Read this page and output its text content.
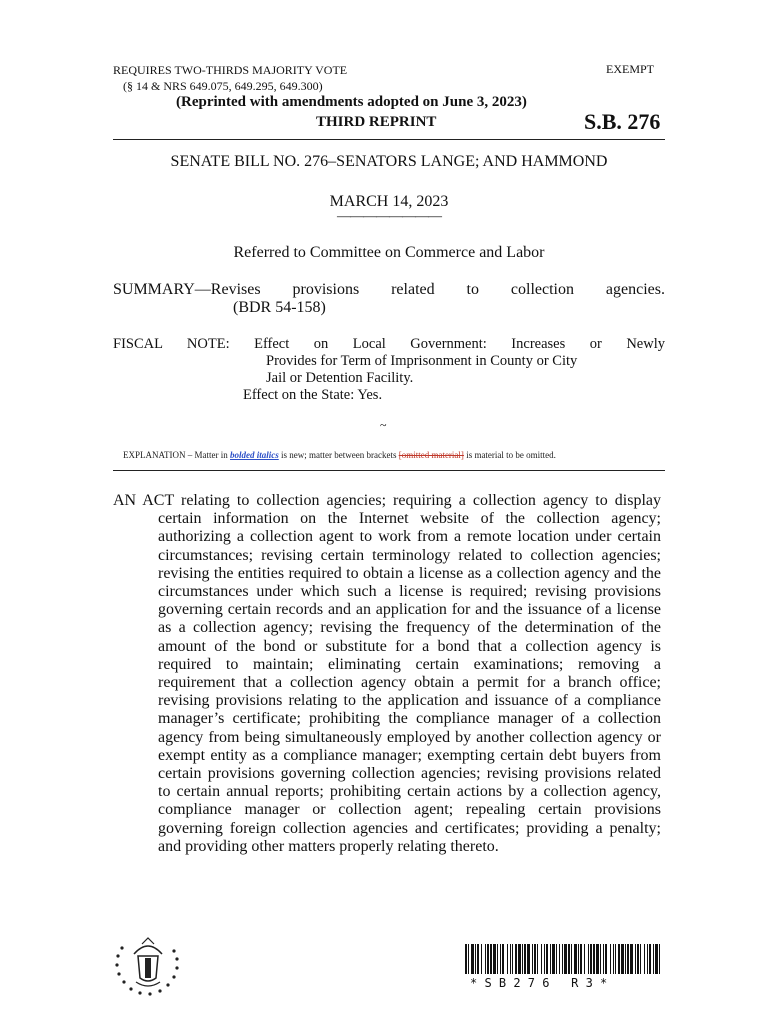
REQUIRES TWO-THIRDS MAJORITY VOTE
(§ 14 & NRS 649.075, 649.295, 649.300)
EXEMPT
(Reprinted with amendments adopted on June 3, 2023)
THIRD REPRINT	S.B. 276
SENATE BILL NO. 276–SENATORS LANGE; AND HAMMOND
MARCH 14, 2023
————————
Referred to Committee on Commerce and Labor
SUMMARY—Revises provisions related to collection agencies.
(BDR 54-158)
FISCAL NOTE: Effect on Local Government: Increases or Newly
Provides for Term of Imprisonment in County or City
Jail or Detention Facility.
Effect on the State: Yes.
~
EXPLANATION – Matter in bolded italics is new; matter between brackets [omitted material] is material to be omitted.

AN ACT relating to collection agencies; requiring a collection agency to display certain information on the Internet website of the collection agency; authorizing a collection agent to work from a remote location under certain circumstances; revising certain terminology related to collection agencies; revising the entities required to obtain a license as a collection agency and the circumstances under which such a license is required; revising provisions governing certain records and an application for and the issuance of a license as a collection agency; revising the frequency of the determination of the amount of the bond or substitute for a bond that a collection agency is required to maintain; eliminating certain examinations; removing a requirement that a collection agency obtain a permit for a branch office; revising provisions relating to the application and issuance of a compliance manager’s certificate; prohibiting the compliance manager of a collection agency from being simultaneously employed by another collection agency or exempt entity as a compliance manager; exempting certain debt buyers from certain provisions governing collection agencies; revising provisions related to certain annual reports; prohibiting certain actions by a collection agency, compliance manager or collection agent; repealing certain provisions governing foreign collection agencies and certificates; providing a penalty; and providing other matters properly relating thereto.

* S B 2 7 6   R 3 *
